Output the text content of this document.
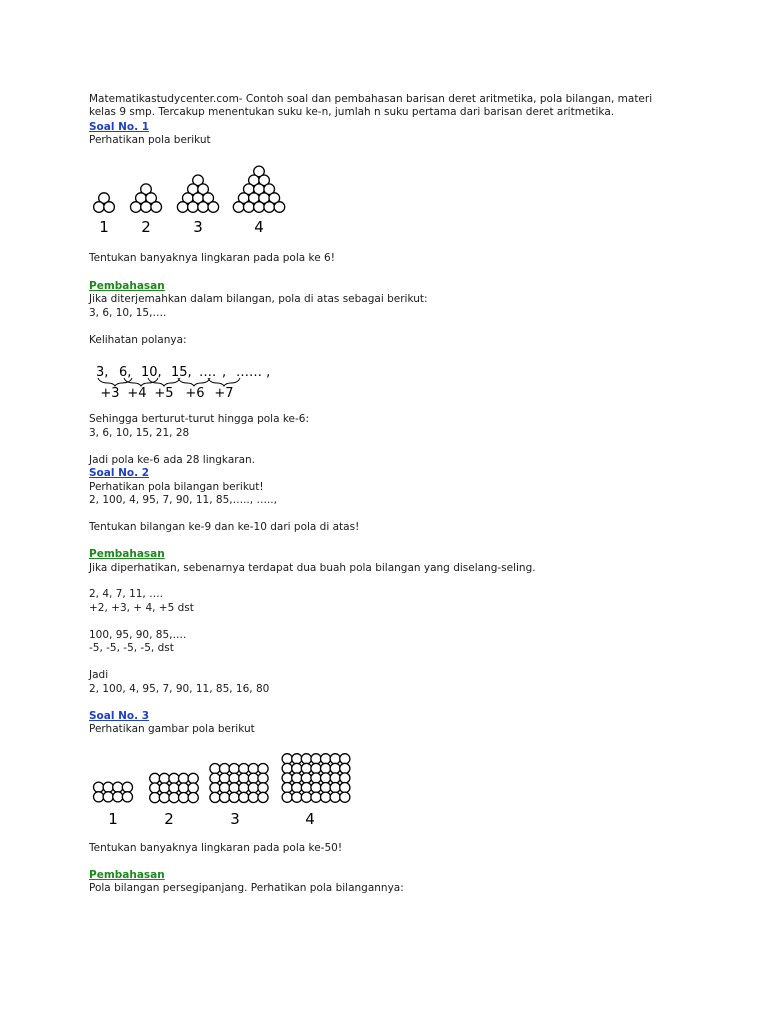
Matematikastudycenter.com- Contoh soal dan pembahasan barisan deret aritmetika, pola bilangan, materi
kelas 9 smp. Tercakup menentukan suku ke-n, jumlah n suku pertama dari barisan deret aritmetika.
Soal No. 1
Perhatikan pola berikut
1 2	3	4
Tentukan banyaknya lingkaran pada pola ke 6!
Pembahasan
Jika diterjemahkan dalam bilangan, pola di atas sebagai berikut:
3, 6, 10, 15,….
Kelihatan polanya:
3, 6, 10, 15, …. , …… ,
+3 +4 +5 +6 +7
Sehingga berturut-turut hingga pola ke-6:
3, 6, 10, 15, 21, 28
Jadi pola ke-6 ada 28 lingkaran.
Soal No. 2
Perhatikan pola bilangan berikut!
2, 100, 4, 95, 7, 90, 11, 85,….., …..,
Tentukan bilangan ke-9 dan ke-10 dari pola di atas!
Pembahasan
Jika diperhatikan, sebenarnya terdapat dua buah pola bilangan yang diselang-seling.
2, 4, 7, 11, ….
+2, +3, + 4, +5 dst
100, 95, 90, 85,….
-5, -5, -5, -5, dst
Jadi
2, 100, 4, 95, 7, 90, 11, 85, 16, 80
Soal No. 3
Perhatikan gambar pola berikut
1	2	3	4
Tentukan banyaknya lingkaran pada pola ke-50!
Pembahasan
Pola bilangan persegipanjang. Perhatikan pola bilangannya:
